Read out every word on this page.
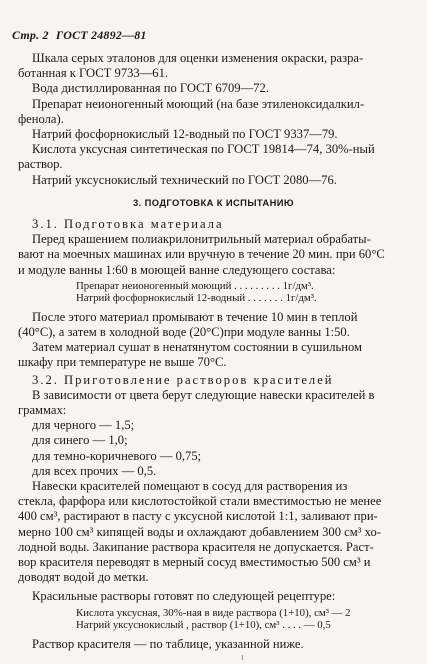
Стр. 2 ГОСТ 24892—81
Шкала серых эталонов для оценки изменения окраски, разра-
ботанная к ГОСТ 9733—61.
Вода дистиллированная по ГОСТ 6709—72.
Препарат неионогенный моющий (на базе этиленоксидалкил-
фенола).
Натрий фосфорнокислый 12-водный по ГОСТ 9337—79.
Кислота уксусная синтетическая по ГОСТ 19814—74, 30%-ный
раствор.
Натрий уксуснокислый технический по ГОСТ 2080—76.
3. ПОДГОТОВКА К ИСПЫТАНИЮ
3.1. Подготовка материала
Перед крашением полиакрилонитрильный материал обрабаты-
вают на моечных машинах или вручную в течение 20 мин. при 60°C
и модуле ванны 1:60 в моющей ванне следующего состава:
Препарат неионогенный моющий . . . . . . . . . 1г/дм³.
Натрий фосфорнокислый 12-водный . . . . . . . 1г/дм³.
После этого материал промывают в течение 10 мин в теплой
(40°C), а затем в холодной воде (20°C)при модуле ванны 1:50.
Затем материал сушат в ненатянутом состоянии в сушильном
шкафу при температуре не выше 70°C.
3.2. Приготовление растворов красителей
В зависимости от цвета берут следующие навески красителей в
граммах:
для черного — 1,5;
для синего — 1,0;
для темно-коричневого — 0,75;
для всех прочих — 0,5.
Навески красителей помещают в сосуд для растворения из
стекла, фарфора или кислотостойкой стали вместимостью не менее
400 см³, растирают в пасту с уксусной кислотой 1:1, заливают при-
мерно 100 см³ кипящей воды и охлаждают добавлением 300 см³ хо-
лодной воды. Закипание раствора красителя не допускается. Раст-
вор красителя переводят в мерный сосуд вместимостью 500 см³ и
доводят водой до метки.
Красильные растворы готовят по следующей рецептуре:
Кислота уксусная, 30%-ная в виде раствора (1+10), см³ — 2
Натрий уксуснокислый , раствор (1+10), см³ . . . . — 0,5
Раствор красителя — по таблице, указанной ниже.
